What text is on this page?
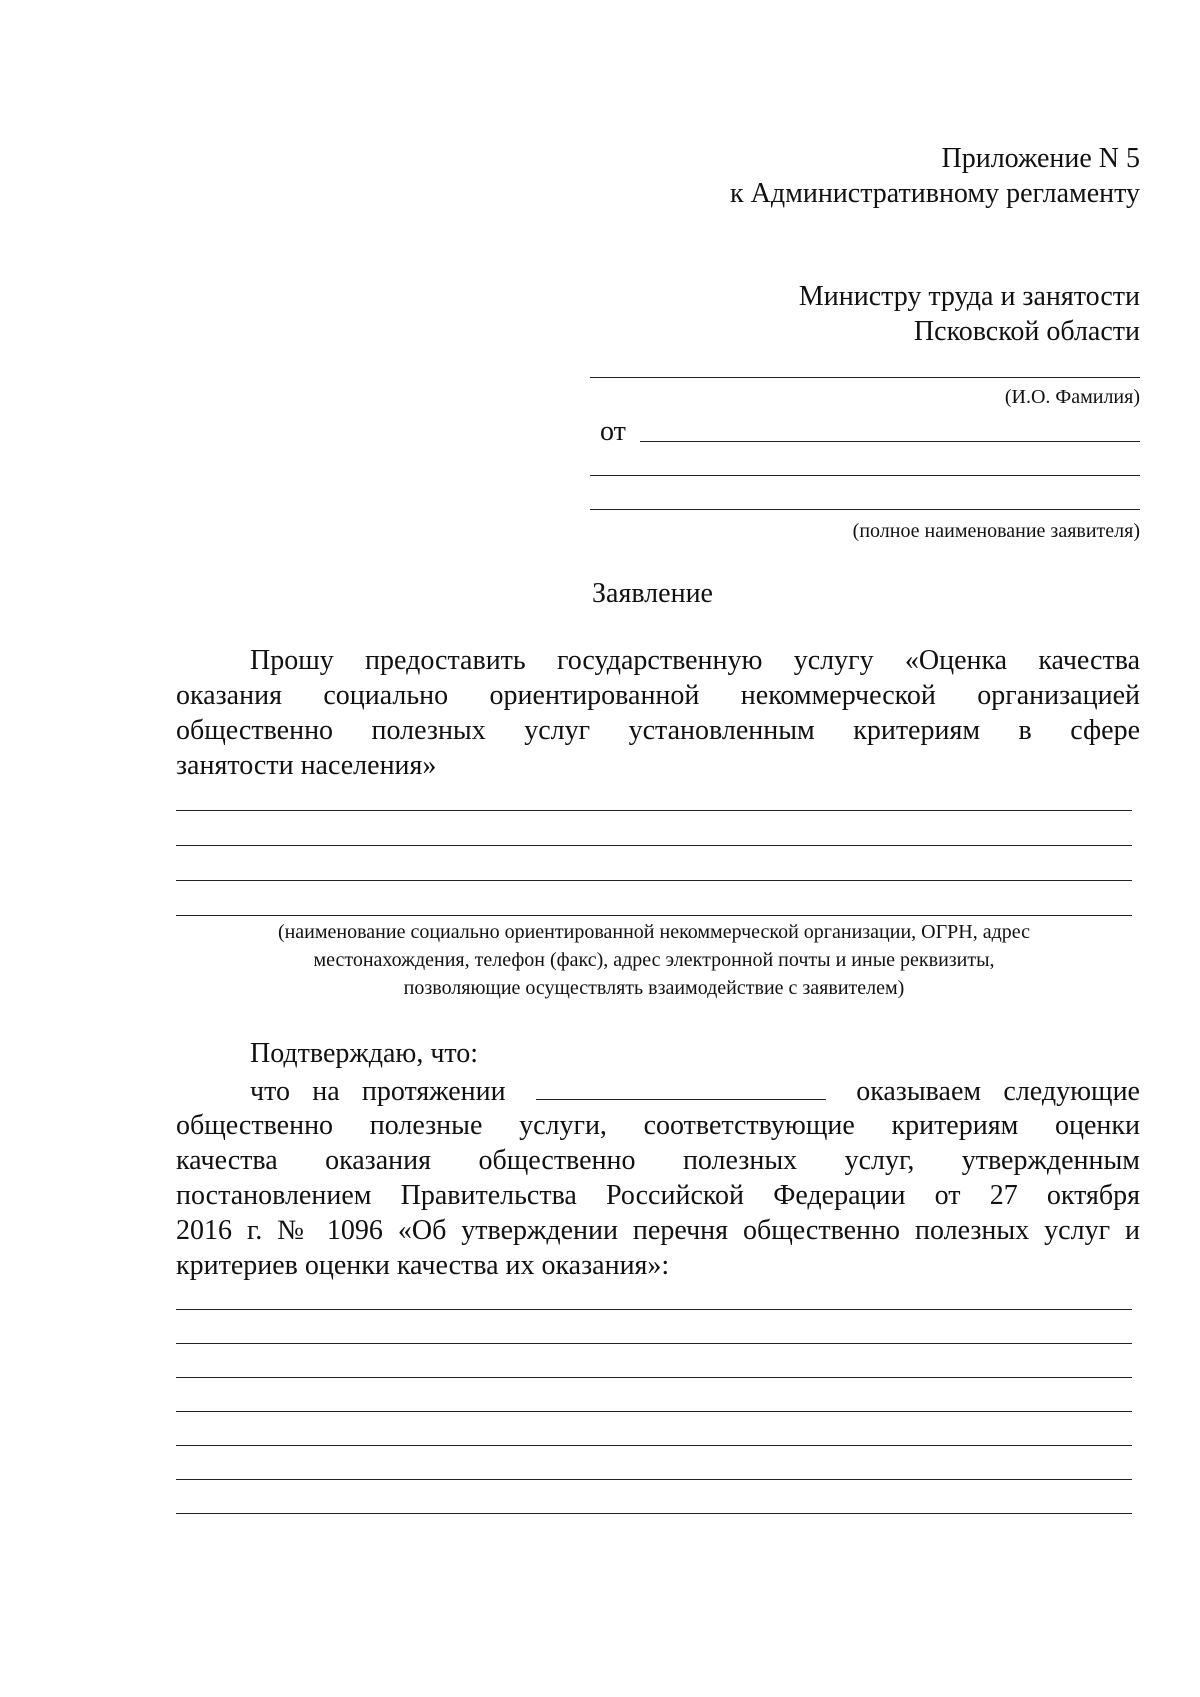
Приложение N 5
к Административному регламенту
Министру труда и занятости
Псковской области
(И.О. Фамилия)
от
(полное наименование заявителя)
Заявление
Прошу предоставить государственную услугу «Оценка качества
оказания социально ориентированной некоммерческой организацией
общественно полезных услуг установленным критериям в сфере
занятости населения»
(наименование социально ориентированной некоммерческой организации, ОГРН, адрес
местонахождения, телефон (факс), адрес электронной почты и иные реквизиты,
позволяющие осуществлять взаимодействие с заявителем)
Подтверждаю, что:
что на протяжении	оказываем следующие
общественно полезные услуги, соответствующие критериям оценки
качества оказания общественно полезных услуг, утвержденным
постановлением Правительства Российской Федерации от 27 октября
2016 г. № 1096 «Об утверждении перечня общественно полезных услуг и
критериев оценки качества их оказания»:
